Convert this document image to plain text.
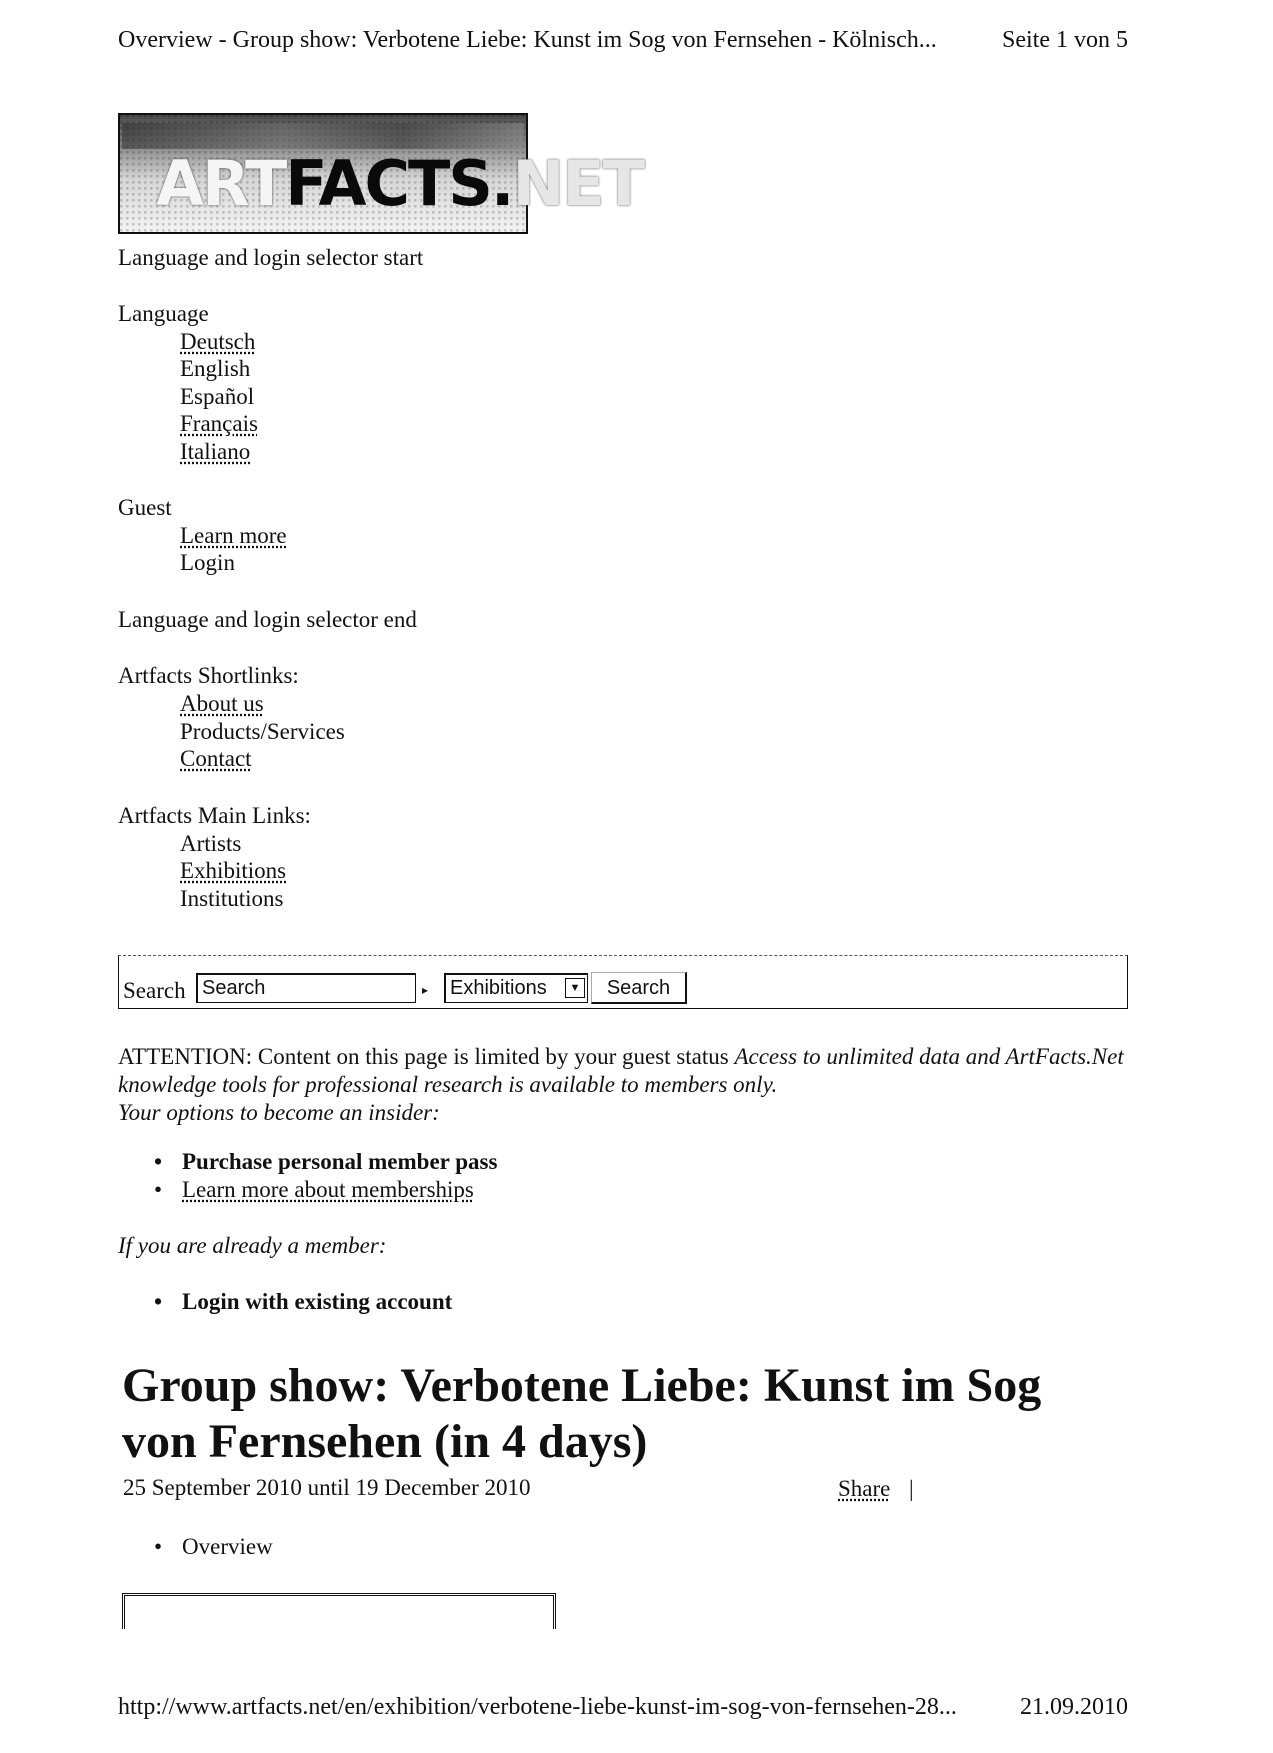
Overview - Group show: Verbotene Liebe: Kunst im Sog von Fernsehen - Kölnisch...	Seite 1 von 5
ARTFACTS.NET
Language and login selector start
Language
Deutsch
English
Español
Français
Italiano
Guest
Learn more
Login
Language and login selector end
Artfacts Shortlinks:
About us
Products/Services
Contact
Artfacts Main Links:
Artists
Exhibitions
Institutions
Search Search	▸	Exhibitions	▼	Search
ATTENTION: Content on this page is limited by your guest status Access to unlimited data and ArtFacts.Net knowledge tools for professional research is available to members only.
Your options to become an insider:
• Purchase personal member pass
• Learn more about memberships
If you are already a member:
• Login with existing account
Group show: Verbotene Liebe: Kunst im Sog von Fernsehen (in 4 days)
25 September 2010 until 19 December 2010	Share |
• Overview
http://www.artfacts.net/en/exhibition/verbotene-liebe-kunst-im-sog-von-fernsehen-28...	21.09.2010
